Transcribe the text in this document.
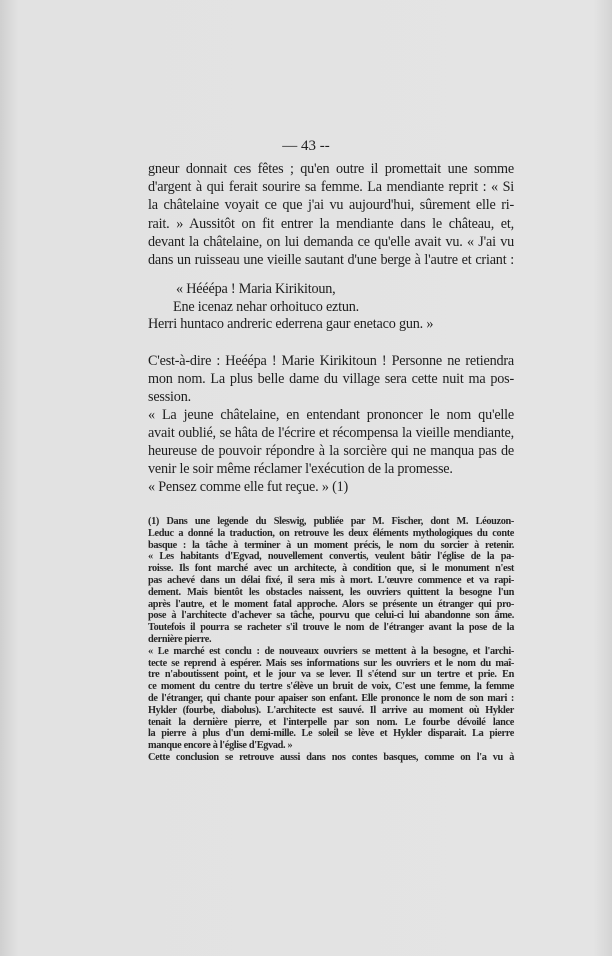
— 43 --
gneur donnait ces fêtes ; qu'en outre il promettait une somme
d'argent à qui ferait sourire sa femme. La mendiante reprit : « Si
la châtelaine voyait ce que j'ai vu aujourd'hui, sûrement elle ri-
rait. » Aussitôt on fit entrer la mendiante dans le château, et,
devant la châtelaine, on lui demanda ce qu'elle avait vu. « J'ai vu
dans un ruisseau une vieille sautant d'une berge à l'autre et criant :
« Hééépa ! Maria Kirikitoun,
Ene icenaz nehar orhoituco eztun.
Herri huntaco andreric ederrena gaur enetaco gun. »
C'est-à-dire : Heéépa ! Marie Kirikitoun ! Personne ne retiendra
mon nom. La plus belle dame du village sera cette nuit ma pos-
session.
« La jeune châtelaine, en entendant prononcer le nom qu'elle
avait oublié, se hâta de l'écrire et récompensa la vieille mendiante,
heureuse de pouvoir répondre à la sorcière qui ne manqua pas de
venir le soir même réclamer l'exécution de la promesse.
« Pensez comme elle fut reçue. » (1)
(1) Dans une legende du Sleswig, publiée par M. Fischer, dont M. Léouzon-
Leduc a donné la traduction, on retrouve les deux éléments mythologiques du conte
basque : la tâche à terminer à un moment précis, le nom du sorcier à retenir.
« Les habitants d'Egvad, nouvellement convertis, veulent bâtir l'église de la pa-
roisse. Ils font marché avec un architecte, à condition que, si le monument n'est
pas achevé dans un délai fixé, il sera mis à mort. L'œuvre commence et va rapi-
dement. Mais bientôt les obstacles naissent, les ouvriers quittent la besogne l'un
après l'autre, et le moment fatal approche. Alors se présente un étranger qui pro-
pose à l'architecte d'achever sa tâche, pourvu que celui-ci lui abandonne son âme.
Toutefois il pourra se racheter s'il trouve le nom de l'étranger avant la pose de la
dernière pierre.
« Le marché est conclu : de nouveaux ouvriers se mettent à la besogne, et l'archi-
tecte se reprend à espérer. Mais ses informations sur les ouvriers et le nom du maî-
tre n'aboutissent point, et le jour va se lever. Il s'étend sur un tertre et prie. En
ce moment du centre du tertre s'élève un bruit de voix, C'est une femme, la femme
de l'étranger, qui chante pour apaiser son enfant. Elle prononce le nom de son mari :
Hykler (fourbe, diabolus). L'architecte est sauvé. Il arrive au moment où Hykler
tenait la dernière pierre, et l'interpelle par son nom. Le fourbe dévoilé lance
la pierre à plus d'un demi-mille. Le soleil se lève et Hykler disparait. La pierre
manque encore à l'église d'Egvad. »
Cette conclusion se retrouve aussi dans nos contes basques, comme on l'a vu à
